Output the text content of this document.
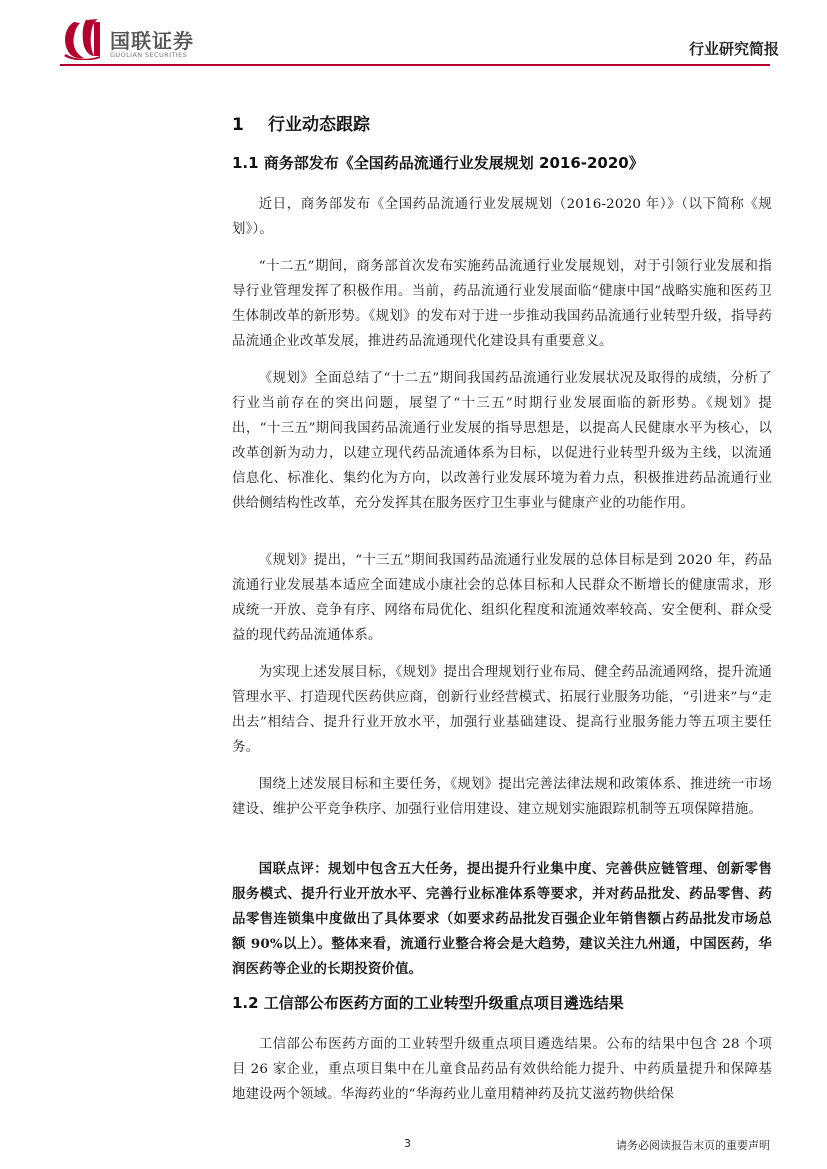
国联证券
GUOLIAN SECURITIES	行业研究简报
1 行业动态跟踪
1.1 商务部发布《全国药品流通行业发展规划 2016-2020》

近日，商务部发布《全国药品流通行业发展规划（2016-2020 年）》（以下简称《规划》）。

“十二五”期间，商务部首次发布实施药品流通行业发展规划，对于引领行业发展和指导行业管理发挥了积极作用。当前，药品流通行业发展面临“健康中国”战略实施和医药卫生体制改革的新形势。《规划》的发布对于进一步推动我国药品流通行业转型升级，指导药品流通企业改革发展，推进药品流通现代化建设具有重要意义。

《规划》全面总结了“十二五”期间我国药品流通行业发展状况及取得的成绩，分析了行业当前存在的突出问题，展望了“十三五”时期行业发展面临的新形势。《规划》提出，“十三五”期间我国药品流通行业发展的指导思想是，以提高人民健康水平为核心，以改革创新为动力，以建立现代药品流通体系为目标，以促进行业转型升级为主线，以流通信息化、标准化、集约化为方向，以改善行业发展环境为着力点，积极推进药品流通行业供给侧结构性改革，充分发挥其在服务医疗卫生事业与健康产业的功能作用。

《规划》提出，“十三五”期间我国药品流通行业发展的总体目标是到 2020 年，药品流通行业发展基本适应全面建成小康社会的总体目标和人民群众不断增长的健康需求，形成统一开放、竞争有序、网络布局优化、组织化程度和流通效率较高、安全便利、群众受益的现代药品流通体系。

为实现上述发展目标，《规划》提出合理规划行业布局、健全药品流通网络，提升流通管理水平、打造现代医药供应商，创新行业经营模式、拓展行业服务功能，“引进来”与“走出去”相结合、提升行业开放水平，加强行业基础建设、提高行业服务能力等五项主要任务。

围绕上述发展目标和主要任务，《规划》提出完善法律法规和政策体系、推进统一市场建设、维护公平竞争秩序、加强行业信用建设、建立规划实施跟踪机制等五项保障措施。

国联点评：规划中包含五大任务，提出提升行业集中度、完善供应链管理、创新零售服务模式、提升行业开放水平、完善行业标准体系等要求，并对药品批发、药品零售、药品零售连锁集中度做出了具体要求（如要求药品批发百强企业年销售额占药品批发市场总额 90%以上）。整体来看，流通行业整合将会是大趋势，建议关注九州通，中国医药，华润医药等企业的长期投资价值。

1.2 工信部公布医药方面的工业转型升级重点项目遴选结果

工信部公布医药方面的工业转型升级重点项目遴选结果。公布的结果中包含 28 个项目 26 家企业，重点项目集中在儿童食品药品有效供给能力提升、中药质量提升和保障基地建设两个领域。华海药业的“华海药业儿童用精神药及抗艾滋药物供给保

3	请务必阅读报告末页的重要声明
